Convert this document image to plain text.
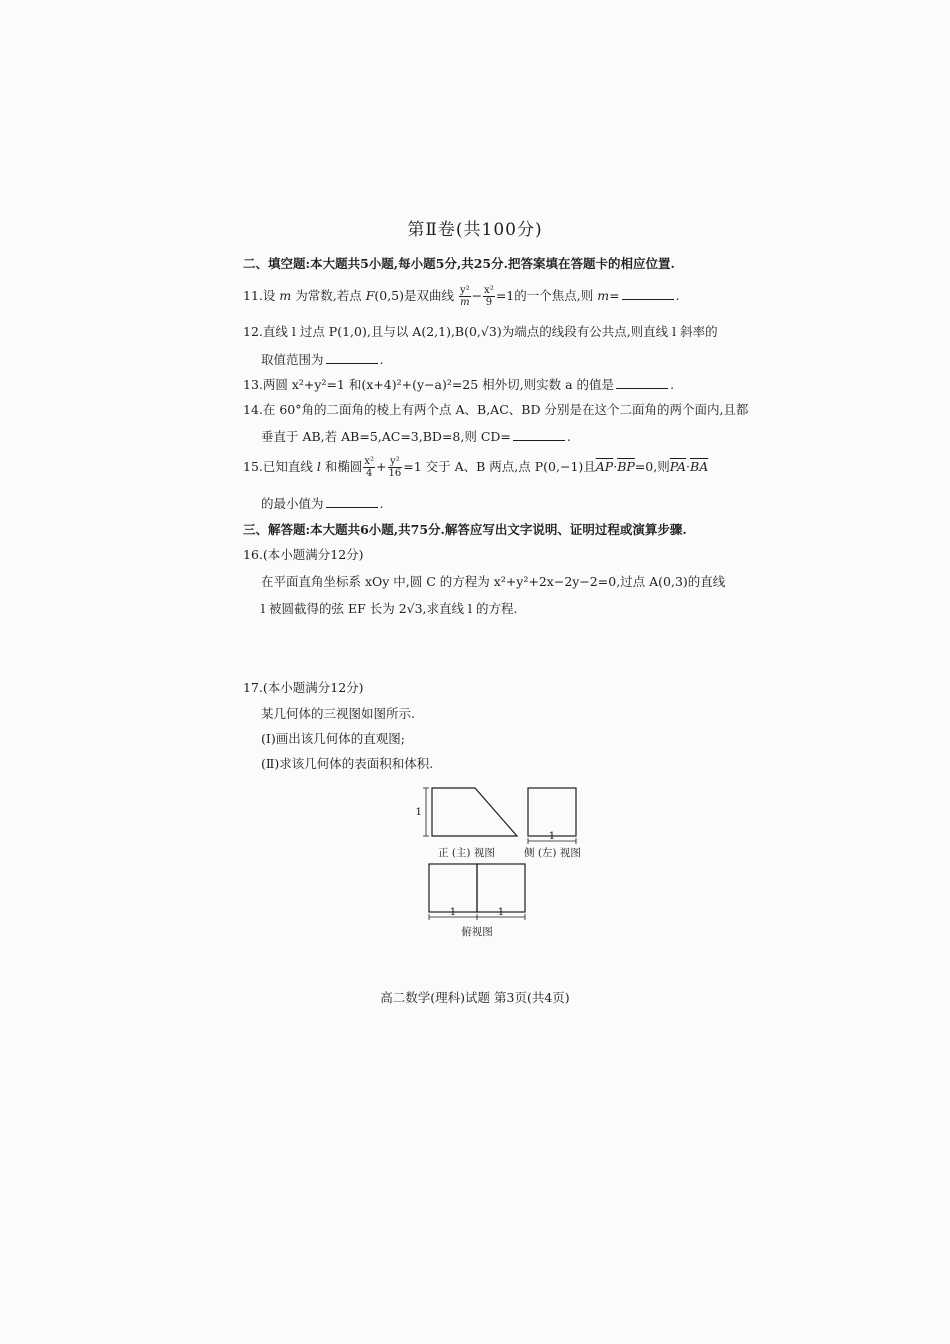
第Ⅱ卷(共100分)
二、填空题:本大题共5小题,每小题5分,共25分.把答案填在答题卡的相应位置.
11.设 m 为常数,若点 F(0,5)是双曲线 $\frac{\text{y²}}{m} - \frac{\text{x²}}{9} =1$的一个焦点,则 m=	.
12.直线 l 过点 P(1,0),且与以 A(2,1),B(0,√3)为端点的线段有公共点,则直线 l 斜率的
取值范围为	.
13.两圆 x²+y²=1 和(x+4)²+(y−a)²=25 相外切,则实数 a 的值是	.
14.在 60°角的二面角的棱上有两个点 A、B,AC、BD 分别是在这个二面角的两个面内,且都
垂直于 AB,若 AB=5,AC=3,BD=8,则 CD=	.
15.已知直线 l 和椭圆 $\frac{\text{x²}}{4} + \frac{\text{y²}}{16} =1$ 交于 A、B 两点,点 P(0,−1)且$\overline{AP}\cdot\overline{BP}=0$,则$\overline{PA}\cdot\overline{BA}$
的最小值为	.
三、解答题:本大题共6小题,共75分.解答应写出文字说明、证明过程或演算步骤.
16.(本小题满分12分)
在平面直角坐标系 xOy 中,圆 C 的方程为 x²+y²+2x−2y−2=0,过点 A(0,3)的直线
l 被圆截得的弦 EF 长为 2√3,求直线 l 的方程.
17.(本小题满分12分)
某几何体的三视图如图所示.
(Ⅰ)画出该几何体的直观图;
(Ⅱ)求该几何体的表面积和体积.
1
正 (主) 视图
1
侧 (左) 视图
1	1
俯视图
高二数学(理科)试题 第3页(共4页)
